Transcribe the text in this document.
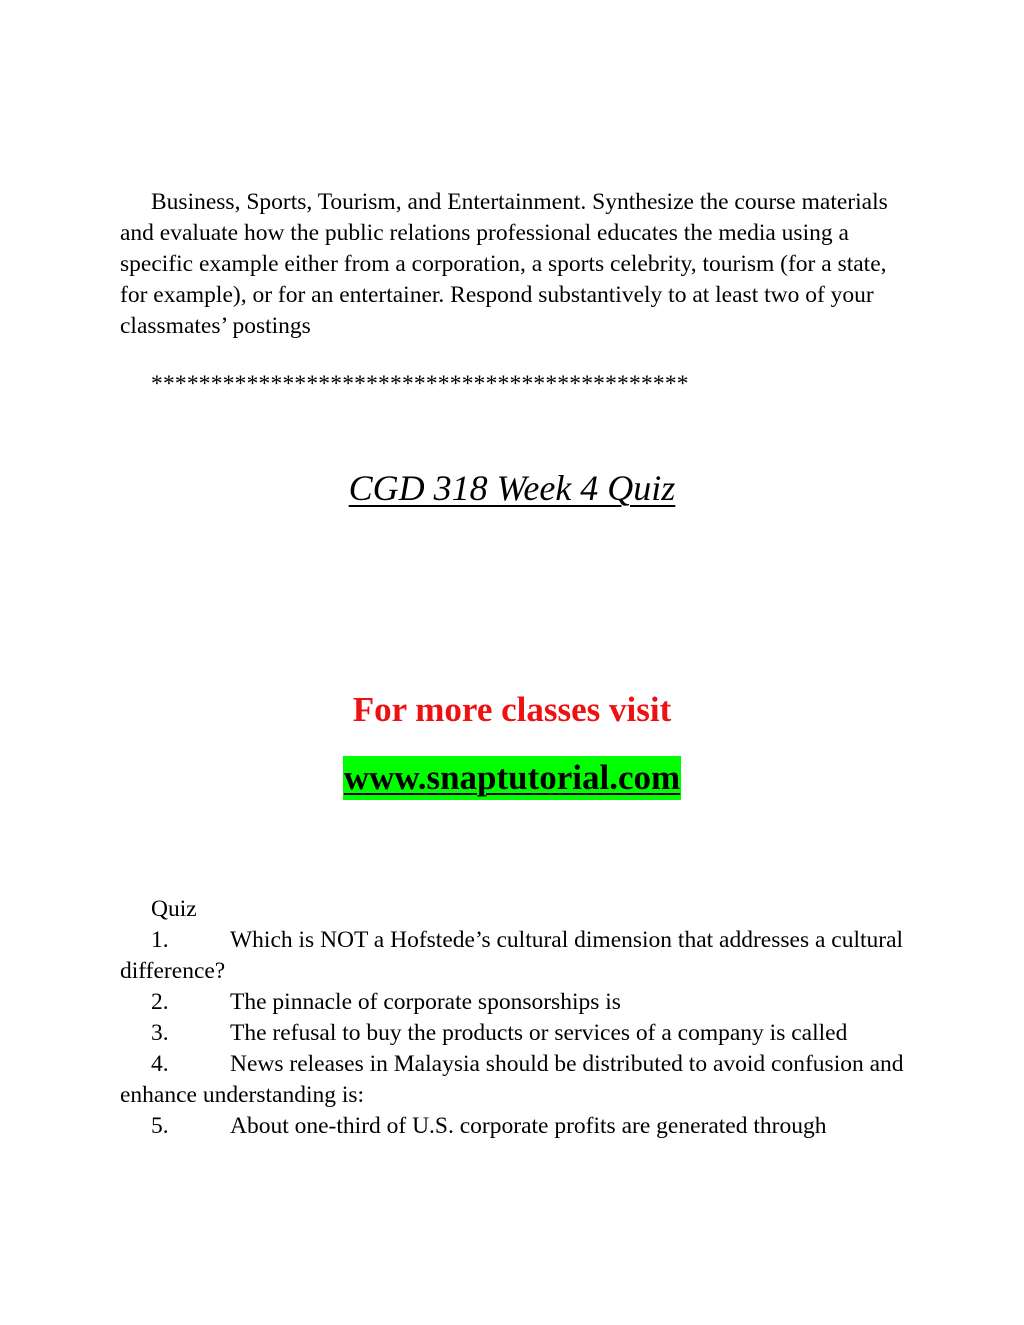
Business, Sports, Tourism, and Entertainment. Synthesize the course materials and evaluate how the public relations professional educates the media using a specific example either from a corporation, a sports celebrity, tourism (for a state, for example), or for an entertainer. Respond substantively to at least two of your classmates’ postings
*********************************************
CGD 318 Week 4 Quiz
For more classes visit
www.snaptutorial.com
Quiz
1.	Which is NOT a Hofstede’s cultural dimension that addresses a cultural difference?
2.	The pinnacle of corporate sponsorships is
3.	The refusal to buy the products or services of a company is called
4.	News releases in Malaysia should be distributed to avoid confusion and enhance understanding is:
5.	About one-third of U.S. corporate profits are generated through
